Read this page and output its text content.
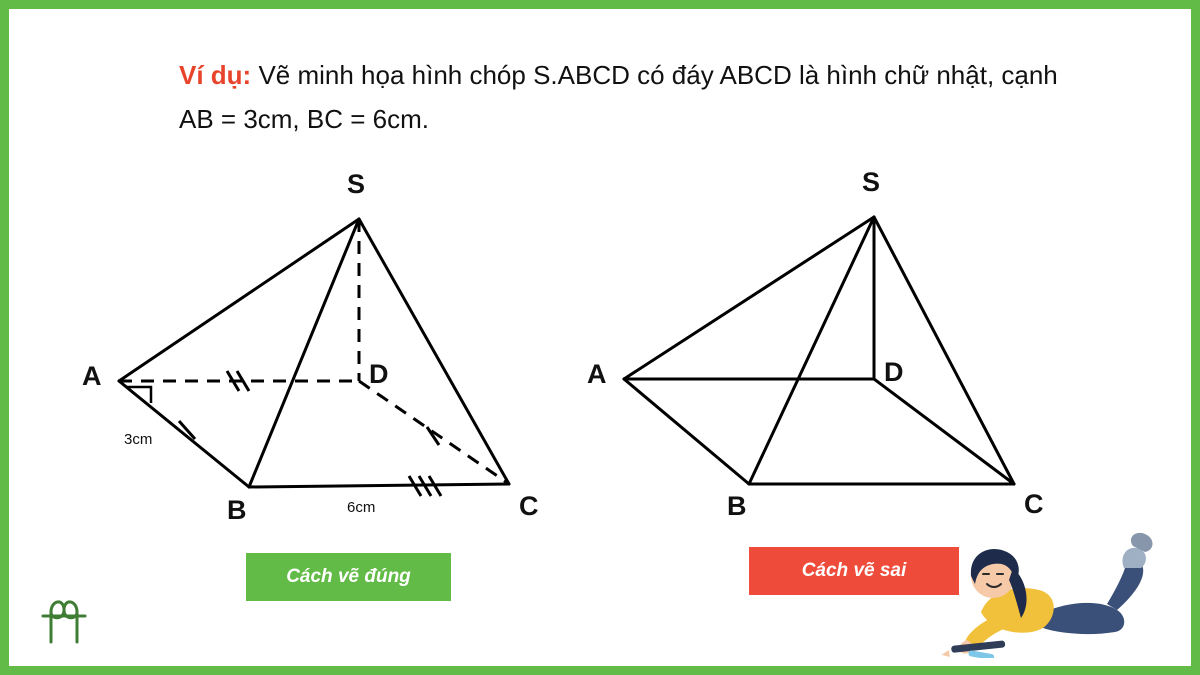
Ví dụ: Vẽ minh họa hình chóp S.ABCD có đáy ABCD là hình chữ nhật, cạnh AB = 3cm, BC = 6cm.
S
A
B	C
D
3cm
6cm
S
A
B	C
D
Cách vẽ đúng	Cách vẽ sai
